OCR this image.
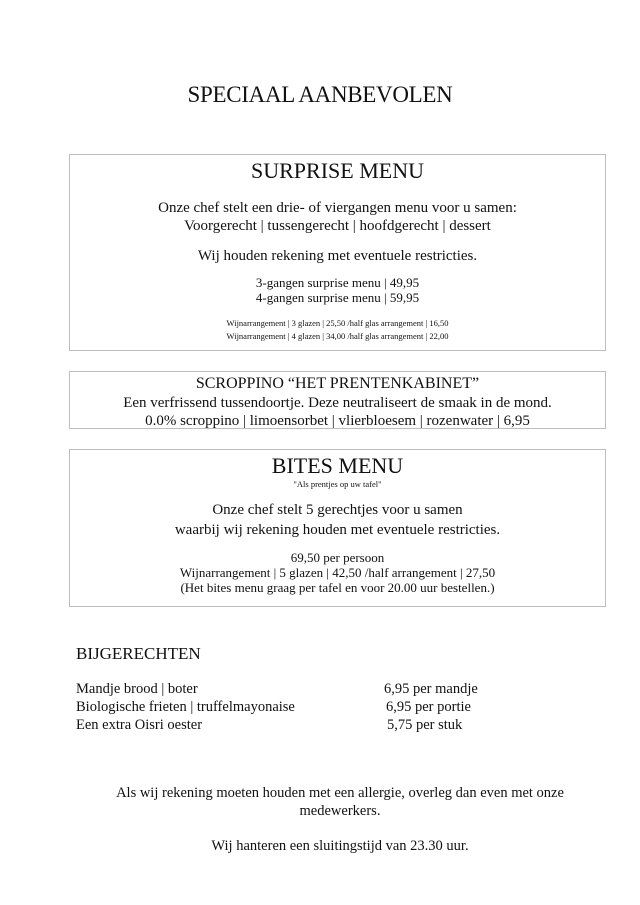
SPECIAAL AANBEVOLEN
SURPRISE MENU
Onze chef stelt een drie- of viergangen menu voor u samen:
Voorgerecht | tussengerecht | hoofdgerecht | dessert
Wij houden rekening met eventuele restricties.
3-gangen surprise menu | 49,95
4-gangen surprise menu | 59,95
Wijnarrangement | 3 glazen | 25,50 /half glas arrangement | 16,50
Wijnarrangement | 4 glazen | 34,00 /half glas arrangement | 22,00
SCROPPINO “HET PRENTENKABINET”
Een verfrissend tussendoortje. Deze neutraliseert de smaak in de mond.
0.0% scroppino | limoensorbet | vlierbloesem | rozenwater | 6,95
BITES MENU
"Als prentjes op uw tafel"
Onze chef stelt 5 gerechtjes voor u samen
waarbij wij rekening houden met eventuele restricties.
69,50 per persoon
Wijnarrangement | 5 glazen | 42,50 /half arrangement | 27,50
(Het bites menu graag per tafel en voor 20.00 uur bestellen.)
BIJGERECHTEN
Mandje brood | boter	6,95 per mandje
Biologische frieten | truffelmayonaise	6,95 per portie
Een extra Oisri oester	5,75 per stuk
Als wij rekening moeten houden met een allergie, overleg dan even met onze medewerkers.
Wij hanteren een sluitingstijd van 23.30 uur.
